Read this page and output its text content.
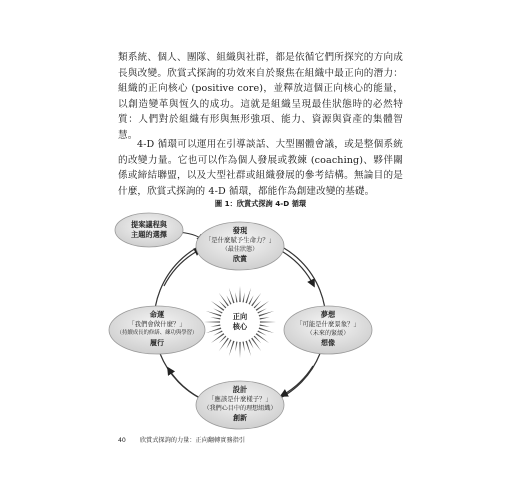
類系統、個人、團隊、組織與社群，都是依循它們所探究的方向成長與改變。欣賞式探詢的功效來自於聚焦在組織中最正向的潛力：組織的正向核心 (positive core)，並釋放這個正向核心的能量，以創造變革與恆久的成功。這就是組織呈現最佳狀態時的必然特質：人們對於組織有形與無形強項、能力、資源與資產的集體智慧。

4-D 循環可以運用在引導談話、大型團體會議，或是整個系統的改變力量。它也可以作為個人發展或教練 (coaching)、夥伴關係或締結聯盟，以及大型社群或組織發展的參考結構。無論目的是什麼，欣賞式探詢的 4-D 循環，都能作為創建改變的基礎。

圖 1：欣賞式探詢 4-D 循環
提案議程與
主題的選擇
正向
核心
發現
「是什麼賦予生命力？」
（最佳狀態）
欣賞
夢想
「可能是什麼景象？」
（未來的緊緩）
想像
設計
「應該是什麼樣子？」
（我們心目中的理想組織）
創新
命運
「我們會做什麼？」
（持續成長的修繕、練功與學習）
履行
40 欣賞式探詢的力量：正向翻轉實務指引
